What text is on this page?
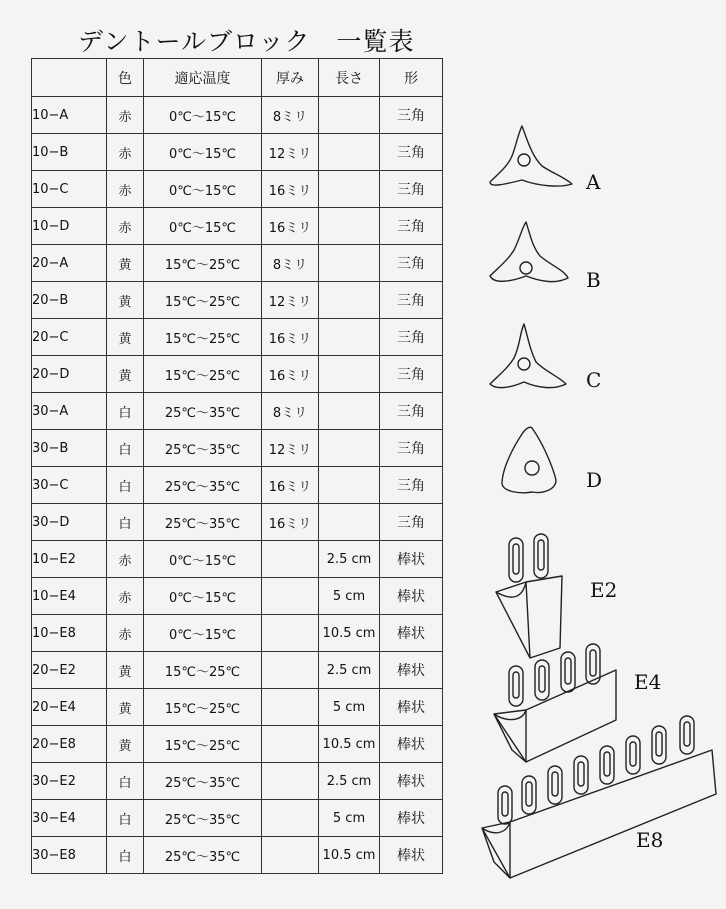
デントールブロック　一覧表
	色	適応温度	厚み	長さ	形
10−A	赤	0℃〜15℃	8ミリ		三角
10−B	赤	0℃〜15℃	12ミリ		三角
10−C	赤	0℃〜15℃	16ミリ		三角
10−D	赤	0℃〜15℃	16ミリ		三角
20−A	黄	15℃〜25℃	8ミリ		三角
20−B	黄	15℃〜25℃	12ミリ		三角
20−C	黄	15℃〜25℃	16ミリ		三角
20−D	黄	15℃〜25℃	16ミリ		三角
30−A	白	25℃〜35℃	8ミリ		三角
30−B	白	25℃〜35℃	12ミリ		三角
30−C	白	25℃〜35℃	16ミリ		三角
30−D	白	25℃〜35℃	16ミリ		三角
10−E2	赤	0℃〜15℃		2.5 cm	棒状
10−E4	赤	0℃〜15℃		5 cm	棒状
10−E8	赤	0℃〜15℃		10.5 cm	棒状
20−E2	黄	15℃〜25℃		2.5 cm	棒状
20−E4	黄	15℃〜25℃		5 cm	棒状
20−E8	黄	15℃〜25℃		10.5 cm	棒状
30−E2	白	25℃〜35℃		2.5 cm	棒状
30−E4	白	25℃〜35℃		5 cm	棒状
30−E8	白	25℃〜35℃		10.5 cm	棒状
A
B
C
D
E2
E4
E8
